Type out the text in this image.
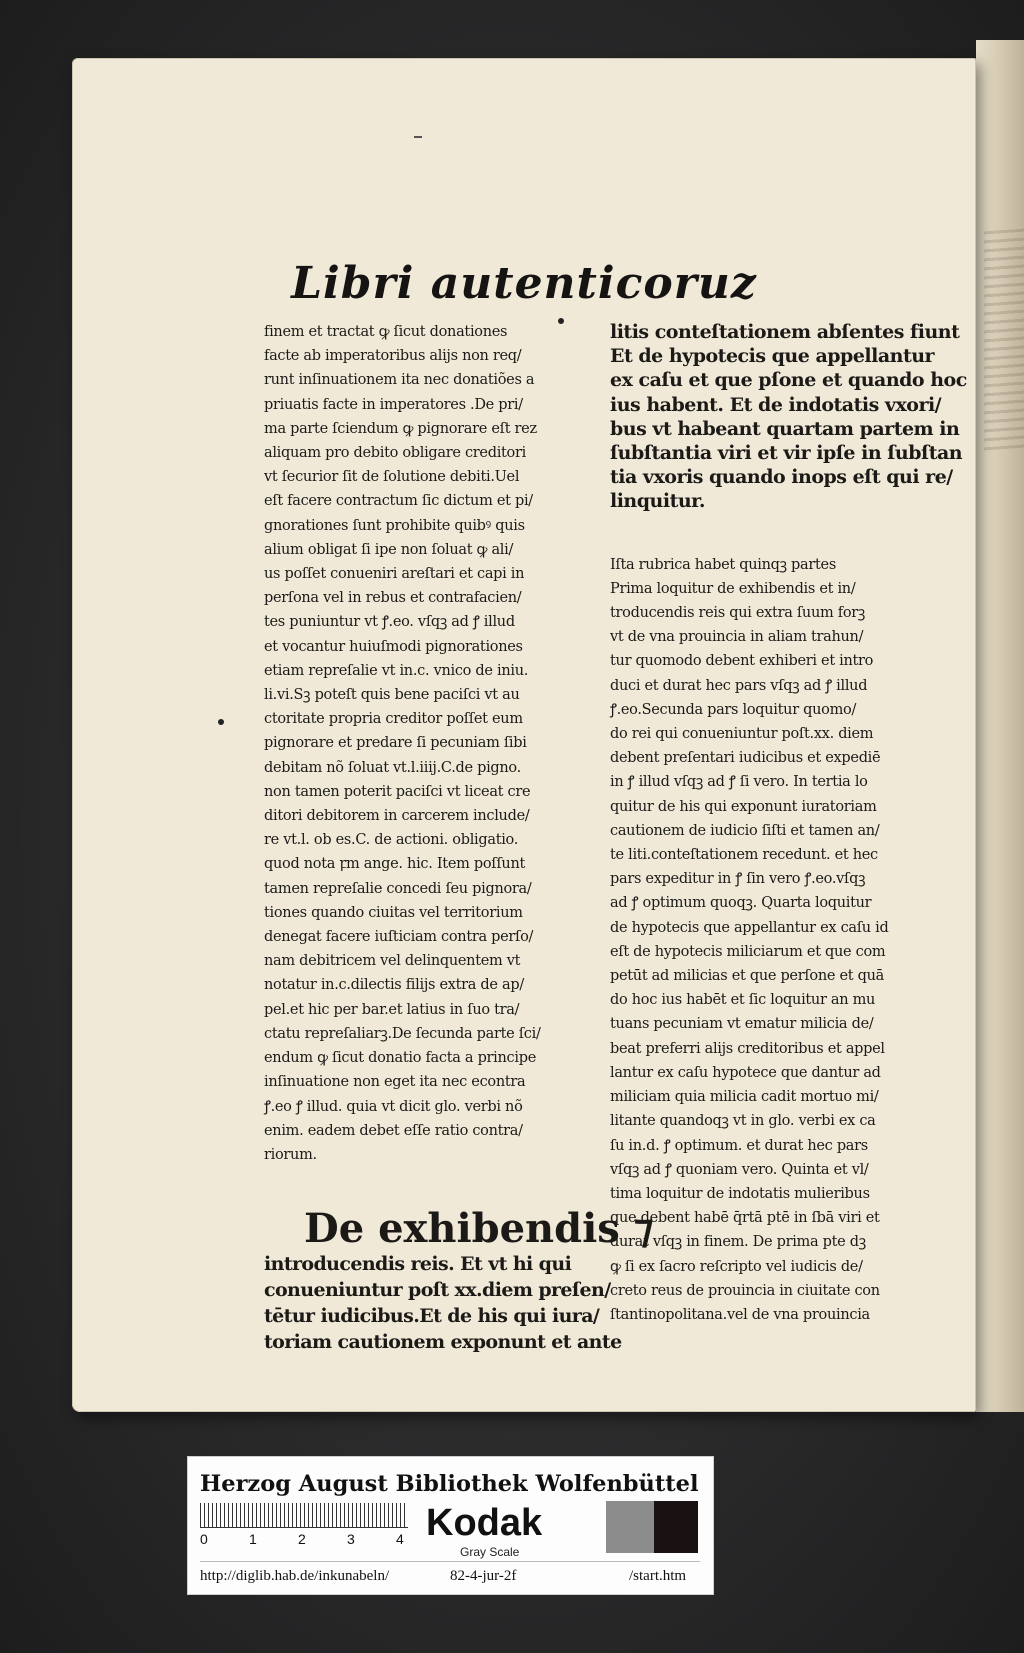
Libri autenticoruz

finem et tractat ꝙ ſicut donationes

facte ab imperatoribus alijs non req/

runt inſinuationem ita nec donatiões a

priuatis facte in imperatores .De pri/

ma parte ſciendum ꝙ pignorare eſt rez

aliquam pro debito obligare creditori

vt ſecurior ſit de ſolutione debiti.Uel

eſt facere contractum ſic dictum et pi/

gnorationes ſunt prohibite quibꝰ quis

alium obligat ſi ipe non ſoluat ꝙ ali/

us poſſet conueniri areſtari et capi in

perſona vel in rebus et contrafacien/

tes puniuntur vt ꝭ.eo. vſqꝫ ad ꝭ illud

et vocantur huiuſmodi pignorationes

etiam repreſalie vt in.c. vnico de iniu.

li.vi.Sꝫ poteſt quis bene paciſci vt au

ctoritate propria creditor poſſet eum

pignorare et predare ſi pecuniam ſibi

debitam nõ ſoluat vt.l.iiij.C.de pigno.

non tamen poterit paciſci vt liceat cre

ditori debitorem in carcerem include/

re vt.l. ob es.C. de actioni. obligatio.

quod nota ꝼm ange. hic. Item poſſunt

tamen repreſalie concedi ſeu pignora/

tiones quando ciuitas vel territorium

denegat facere iuſticiam contra perſo/

nam debitricem vel delinquentem vt

notatur in.c.dilectis filijs extra de ap/

pel.et hic per bar.et latius in ſuo tra/

ctatu repreſaliarꝫ.De ſecunda parte ſci/

endum ꝙ ſicut donatio facta a principe

inſinuatione non eget ita nec econtra

ꝭ.eo ꝭ illud. quia vt dicit glo. verbi nõ

enim. eadem debet eſſe ratio contra/

riorum.

De exhibendis ⁊

introducendis reis. Et vt hi qui

conueniuntur poſt xx.diem preſen/

tētur iudicibus.Et de his qui iura/

toriam cautionem exponunt et ante

litis conteſtationem abſentes fiunt

Et de hypotecis que appellantur

ex caſu et que pſone et quando hoc

ius habent. Et de indotatis vxori/

bus vt habeant quartam partem in

ſubſtantia viri et vir ipſe in ſubſtan

tia vxoris quando inops eſt qui re/

linquitur.

Iſta rubrica habet quinqꝫ partes

Prima loquitur de exhibendis et in/

troducendis reis qui extra ſuum forꝫ

vt de vna prouincia in aliam trahun/

tur quomodo debent exhiberi et intro

duci et durat hec pars vſqꝫ ad ꝭ illud

ꝭ.eo.Secunda pars loquitur quomo/

do rei qui conueniuntur poſt.xx. diem

debent preſentari iudicibus et expediē

in ꝭ illud vſqꝫ ad ꝭ ſi vero. In tertia lo

quitur de his qui exponunt iuratoriam

cautionem de iudicio ſiſti et tamen an/

te liti.conteſtationem recedunt. et hec

pars expeditur in ꝭ ſin vero ꝭ.eo.vſqꝫ

ad ꝭ optimum quoqꝫ. Quarta loquitur

de hypotecis que appellantur ex caſu id

eſt de hypotecis miliciarum et que com

petūt ad milicias et que perſone et quā

do hoc ius habēt et ſic loquitur an mu

tuans pecuniam vt ematur milicia de/

beat preferri alijs creditoribus et appel

lantur ex caſu hypotece que dantur ad

miliciam quia milicia cadit mortuo mi/

litante quandoqꝫ vt in glo. verbi ex ca

ſu in.d. ꝭ optimum. et durat hec pars

vſqꝫ ad ꝭ quoniam vero. Quinta et vl/

tima loquitur de indotatis mulieribus

que debent habē q̄rtā ptē in ſbā viri et

durat vſqꝫ in finem. De prima pte dꝫ

ꝙ ſi ex ſacro reſcripto vel iudicis de/

creto reus de prouincia in ciuitate con

ſtantinopolitana.vel de vna prouincia

Herzog August Bibliothek Wolfenbüttel
0	1	2	3	4 Kodak
Gray Scale
http://diglib.hab.de/inkunabeln/	82-4-jur-2f	/start.htm
